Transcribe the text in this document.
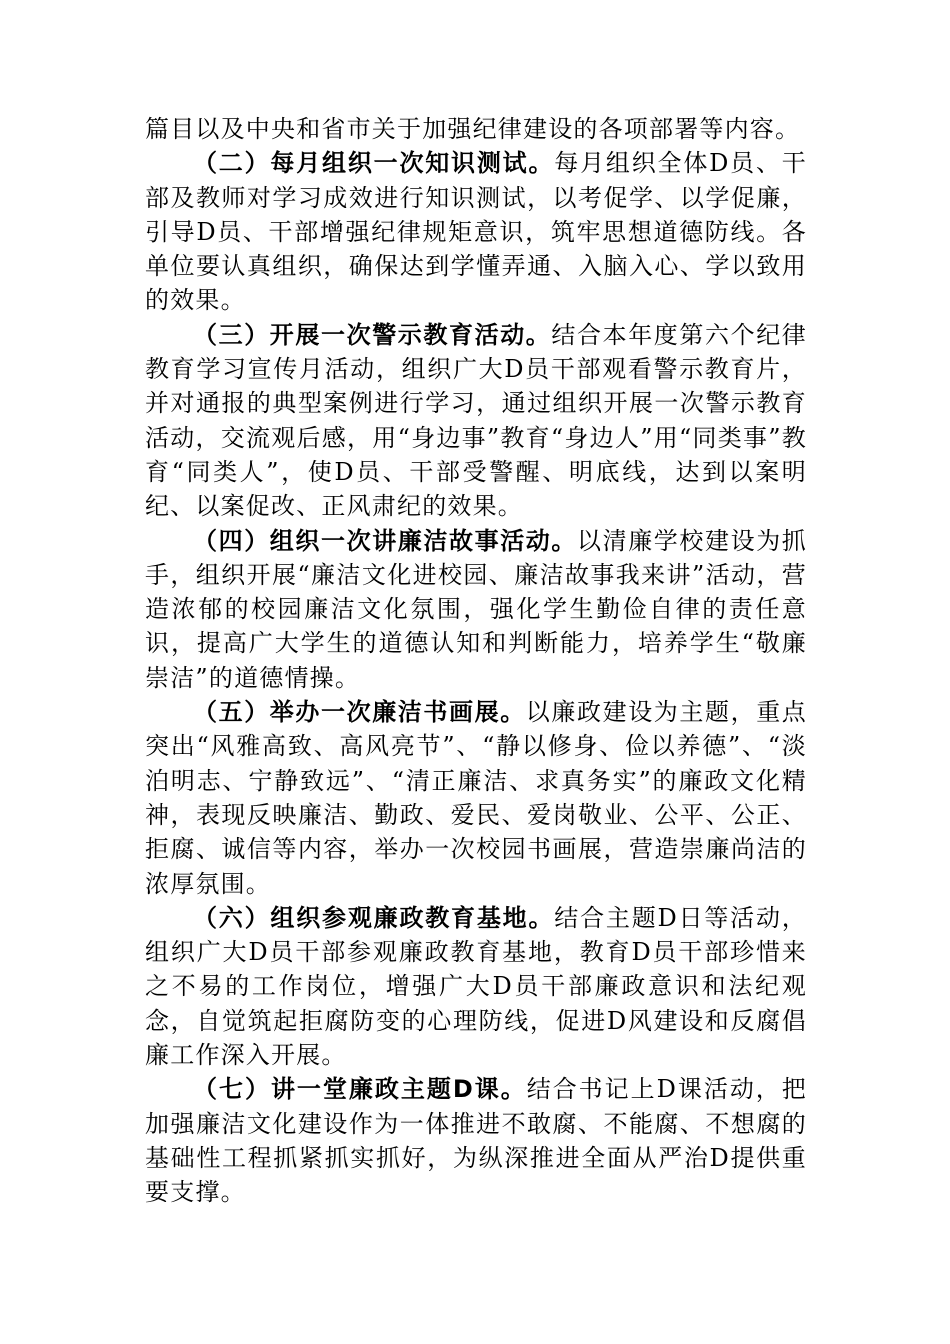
篇目以及中央和省市关于加强纪律建设的各项部署等内容。

（二）每月组织一次知识测试。每月组织全体D员、干部及教师对学习成效进行知识测试，以考促学、以学促廉，引导D员、干部增强纪律规矩意识，筑牢思想道德防线。各单位要认真组织，确保达到学懂弄通、入脑入心、学以致用的效果。

（三）开展一次警示教育活动。结合本年度第六个纪律教育学习宣传月活动，组织广大D员干部观看警示教育片，并对通报的典型案例进行学习，通过组织开展一次警示教育活动，交流观后感，用“身边事”教育“身边人”用“同类事”教育“同类人”，使D员、干部受警醒、明底线，达到以案明纪、以案促改、正风肃纪的效果。

（四）组织一次讲廉洁故事活动。以清廉学校建设为抓手，组织开展“廉洁文化进校园、廉洁故事我来讲”活动，营造浓郁的校园廉洁文化氛围，强化学生勤俭自律的责任意识，提高广大学生的道德认知和判断能力，培养学生“敬廉崇洁”的道德情操。

（五）举办一次廉洁书画展。以廉政建设为主题，重点突出“风雅高致、高风亮节”、“静以修身、俭以养德”、“淡泊明志、宁静致远”、“清正廉洁、求真务实”的廉政文化精神，表现反映廉洁、勤政、爱民、爱岗敬业、公平、公正、拒腐、诚信等内容，举办一次校园书画展，营造崇廉尚洁的浓厚氛围。

（六）组织参观廉政教育基地。结合主题D日等活动，组织广大D员干部参观廉政教育基地，教育D员干部珍惜来之不易的工作岗位，增强广大D员干部廉政意识和法纪观念，自觉筑起拒腐防变的心理防线，促进D风建设和反腐倡廉工作深入开展。

（七）讲一堂廉政主题D课。结合书记上D课活动，把加强廉洁文化建设作为一体推进不敢腐、不能腐、不想腐的基础性工程抓紧抓实抓好，为纵深推进全面从严治D提供重要支撑。
